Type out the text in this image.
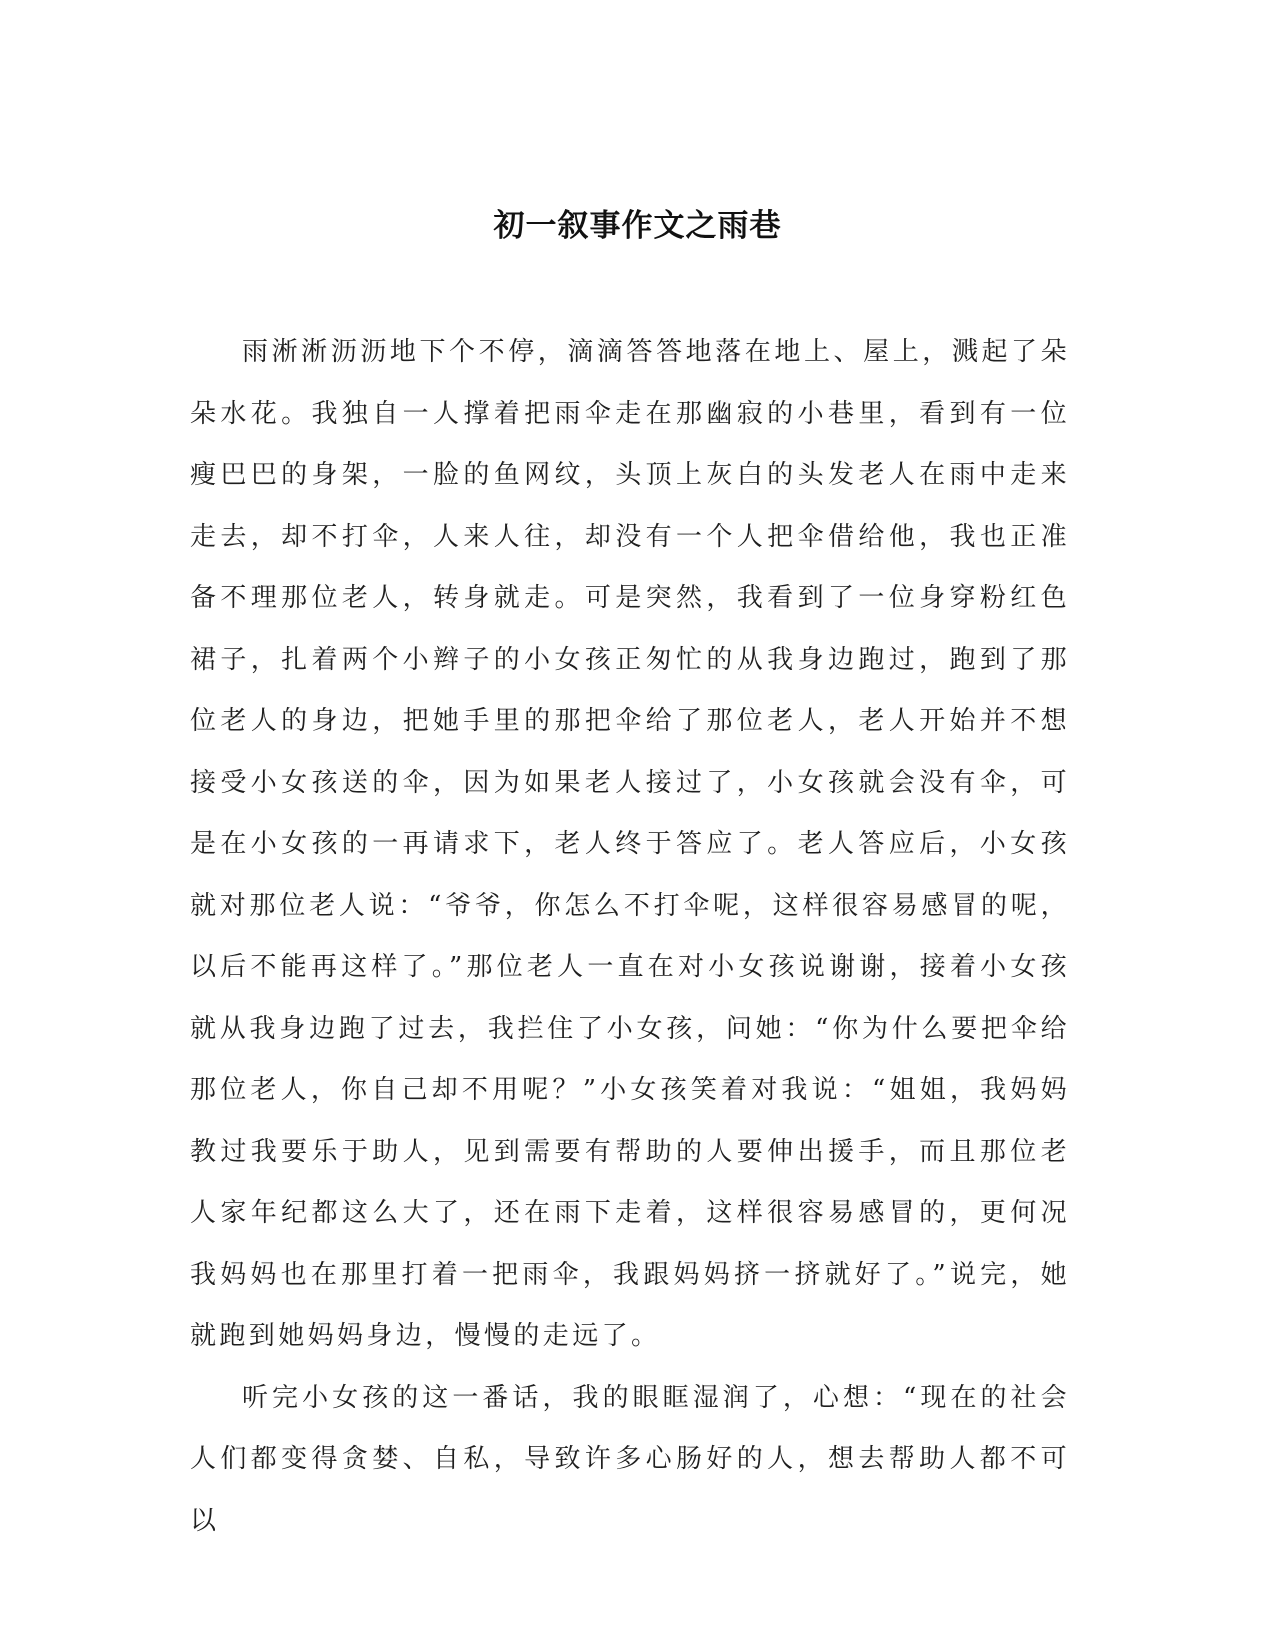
初一叙事作文之雨巷

雨淅淅沥沥地下个不停，滴滴答答地落在地上、屋上，溅起了朵朵水花。我独自一人撑着把雨伞走在那幽寂的小巷里，看到有一位瘦巴巴的身架，一脸的鱼网纹，头顶上灰白的头发老人在雨中走来走去，却不打伞，人来人往，却没有一个人把伞借给他，我也正准备不理那位老人，转身就走。可是突然，我看到了一位身穿粉红色裙子，扎着两个小辫子的小女孩正匆忙的从我身边跑过，跑到了那位老人的身边，把她手里的那把伞给了那位老人，老人开始并不想接受小女孩送的伞，因为如果老人接过了，小女孩就会没有伞，可是在小女孩的一再请求下，老人终于答应了。老人答应后，小女孩就对那位老人说：“爷爷，你怎么不打伞呢，这样很容易感冒的呢，以后不能再这样了。”那位老人一直在对小女孩说谢谢，接着小女孩就从我身边跑了过去，我拦住了小女孩，问她：“你为什么要把伞给那位老人，你自己却不用呢？”小女孩笑着对我说：“姐姐，我妈妈教过我要乐于助人，见到需要有帮助的人要伸出援手，而且那位老人家年纪都这么大了，还在雨下走着，这样很容易感冒的，更何况我妈妈也在那里打着一把雨伞，我跟妈妈挤一挤就好了。”说完，她就跑到她妈妈身边，慢慢的走远了。

听完小女孩的这一番话，我的眼眶湿润了，心想：“现在的社会人们都变得贪婪、自私，导致许多心肠好的人，想去帮助人都不可以
